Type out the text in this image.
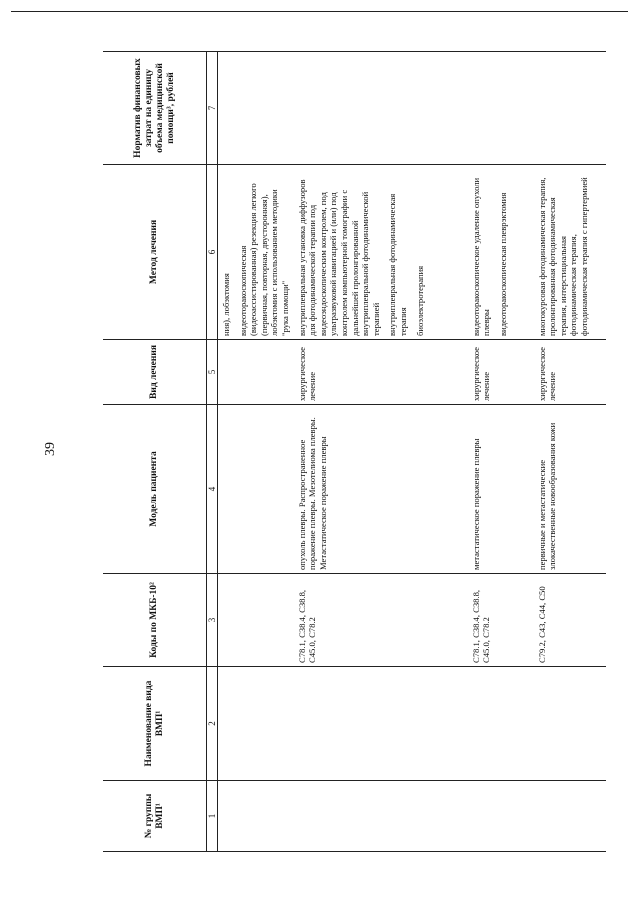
39
№ группы ВМП¹	Наименование вида ВМП¹	Коды по МКБ-10²	Модель пациента	Вид лечения	Метод лечения	Норматив финансовых затрат на единицу объема медицинской помощи³, рублей
1	2	3	4	5	6	7

					ния), лобэктомия видеоторакоскопическая (видеоассистированная) резекция легкого (первичная, повторная, двусторонняя), лобэктомия с использованием методики "рука помощи"	

		C78.1, C38.4, C38.8, C45.0, C78.2	опухоль плевры. Распространенное поражение плевры. Мезотелиома плевры. Метастатическое поражение плевры	хирургическое лечение	внутриплевральная установка диффузоров для фотодинамической терапии под видеоэндоскопическим контролем, под ультразвуковой навигацией и (или) под контролем компьютерной томографии с дальнейшей пролонгированной внутриплевральной фотодинамической терапией внутриплевральная фотодинамическая терапия биоэлектротерапия	

		C78.1, C38.4, C38.8, C45.0, C78.2	метастатическое поражение плевры	хирургическое лечение	видеоторакоскопическое удаление опухоли плевры видеоторакоскопическая плеврэктомия	

		C79.2, C43, C44, C50	первичные и метастатические злокачественные новообразования кожи	хирургическое лечение	многокурсовая фотодинамическая терапия, пролонгированная фотодинамическая терапия, интерстициальная фотодинамическая терапия, фотодинамическая терапия с гипертермией	
